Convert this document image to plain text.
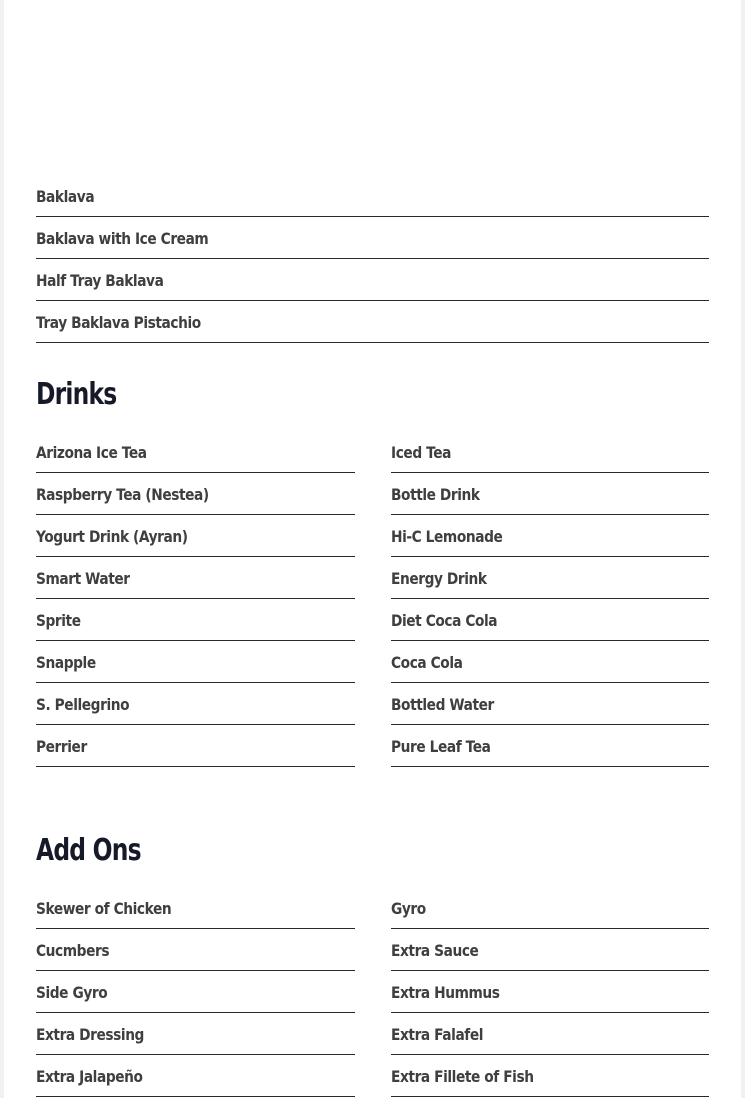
Baklava
Baklava with Ice Cream
Half Tray Baklava
Tray Baklava Pistachio
Drinks
Arizona Ice Tea
Raspberry Tea (Nestea)
Yogurt Drink (Ayran)
Smart Water
Sprite
Snapple
S. Pellegrino
Perrier
Iced Tea
Bottle Drink
Hi-C Lemonade
Energy Drink
Diet Coca Cola
Coca Cola
Bottled Water
Pure Leaf Tea
Add Ons
Skewer of Chicken
Cucmbers
Side Gyro
Extra Dressing
Extra Jalapeño
Gyro
Extra Sauce
Extra Hummus
Extra Falafel
Extra Fillete of Fish
